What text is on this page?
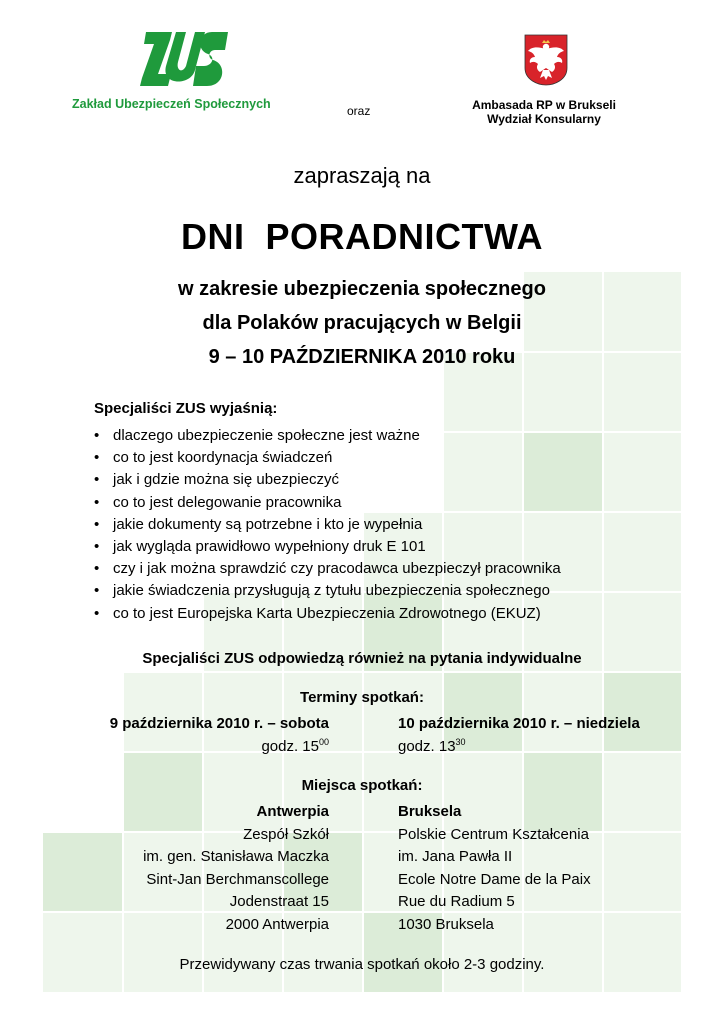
Zakład Ubezpieczeń Społecznych	oraz	Ambasada RP w Brukseli
Wydział Konsularny
zapraszają na
DNI  PORADNICTWA
w zakresie ubezpieczenia społecznego
dla Polaków pracujących w Belgii
9 – 10 PAŹDZIERNIKA 2010 roku
Specjaliści ZUS wyjaśnią:
• dlaczego ubezpieczenie społeczne jest ważne
• co to jest koordynacja świadczeń
• jak i gdzie można się ubezpieczyć
• co to jest delegowanie pracownika
• jakie dokumenty są potrzebne i kto je wypełnia
• jak wygląda prawidłowo wypełniony druk E 101
• czy i jak można sprawdzić czy pracodawca ubezpieczył pracownika
• jakie świadczenia przysługują z tytułu ubezpieczenia społecznego
• co to jest Europejska Karta Ubezpieczenia Zdrowotnego (EKUZ)
Specjaliści ZUS odpowiedzą również na pytania indywidualne
Terminy spotkań:
9 października 2010 r. – sobota	10 października 2010 r. – niedziela
godz. $15^{00}$	godz. $13^{30}$
Miejsca spotkań:
Antwerpia
Zespół Szkół
im. gen. Stanisława Maczka
Sint-Jan Berchmanscollege
Jodenstraat 15
2000 Antwerpia
Bruksela
Polskie Centrum Kształcenia
im. Jana Pawła II
Ecole Notre Dame de la Paix
Rue du Radium 5
1030 Bruksela
Przewidywany czas trwania spotkań około 2-3 godziny.
